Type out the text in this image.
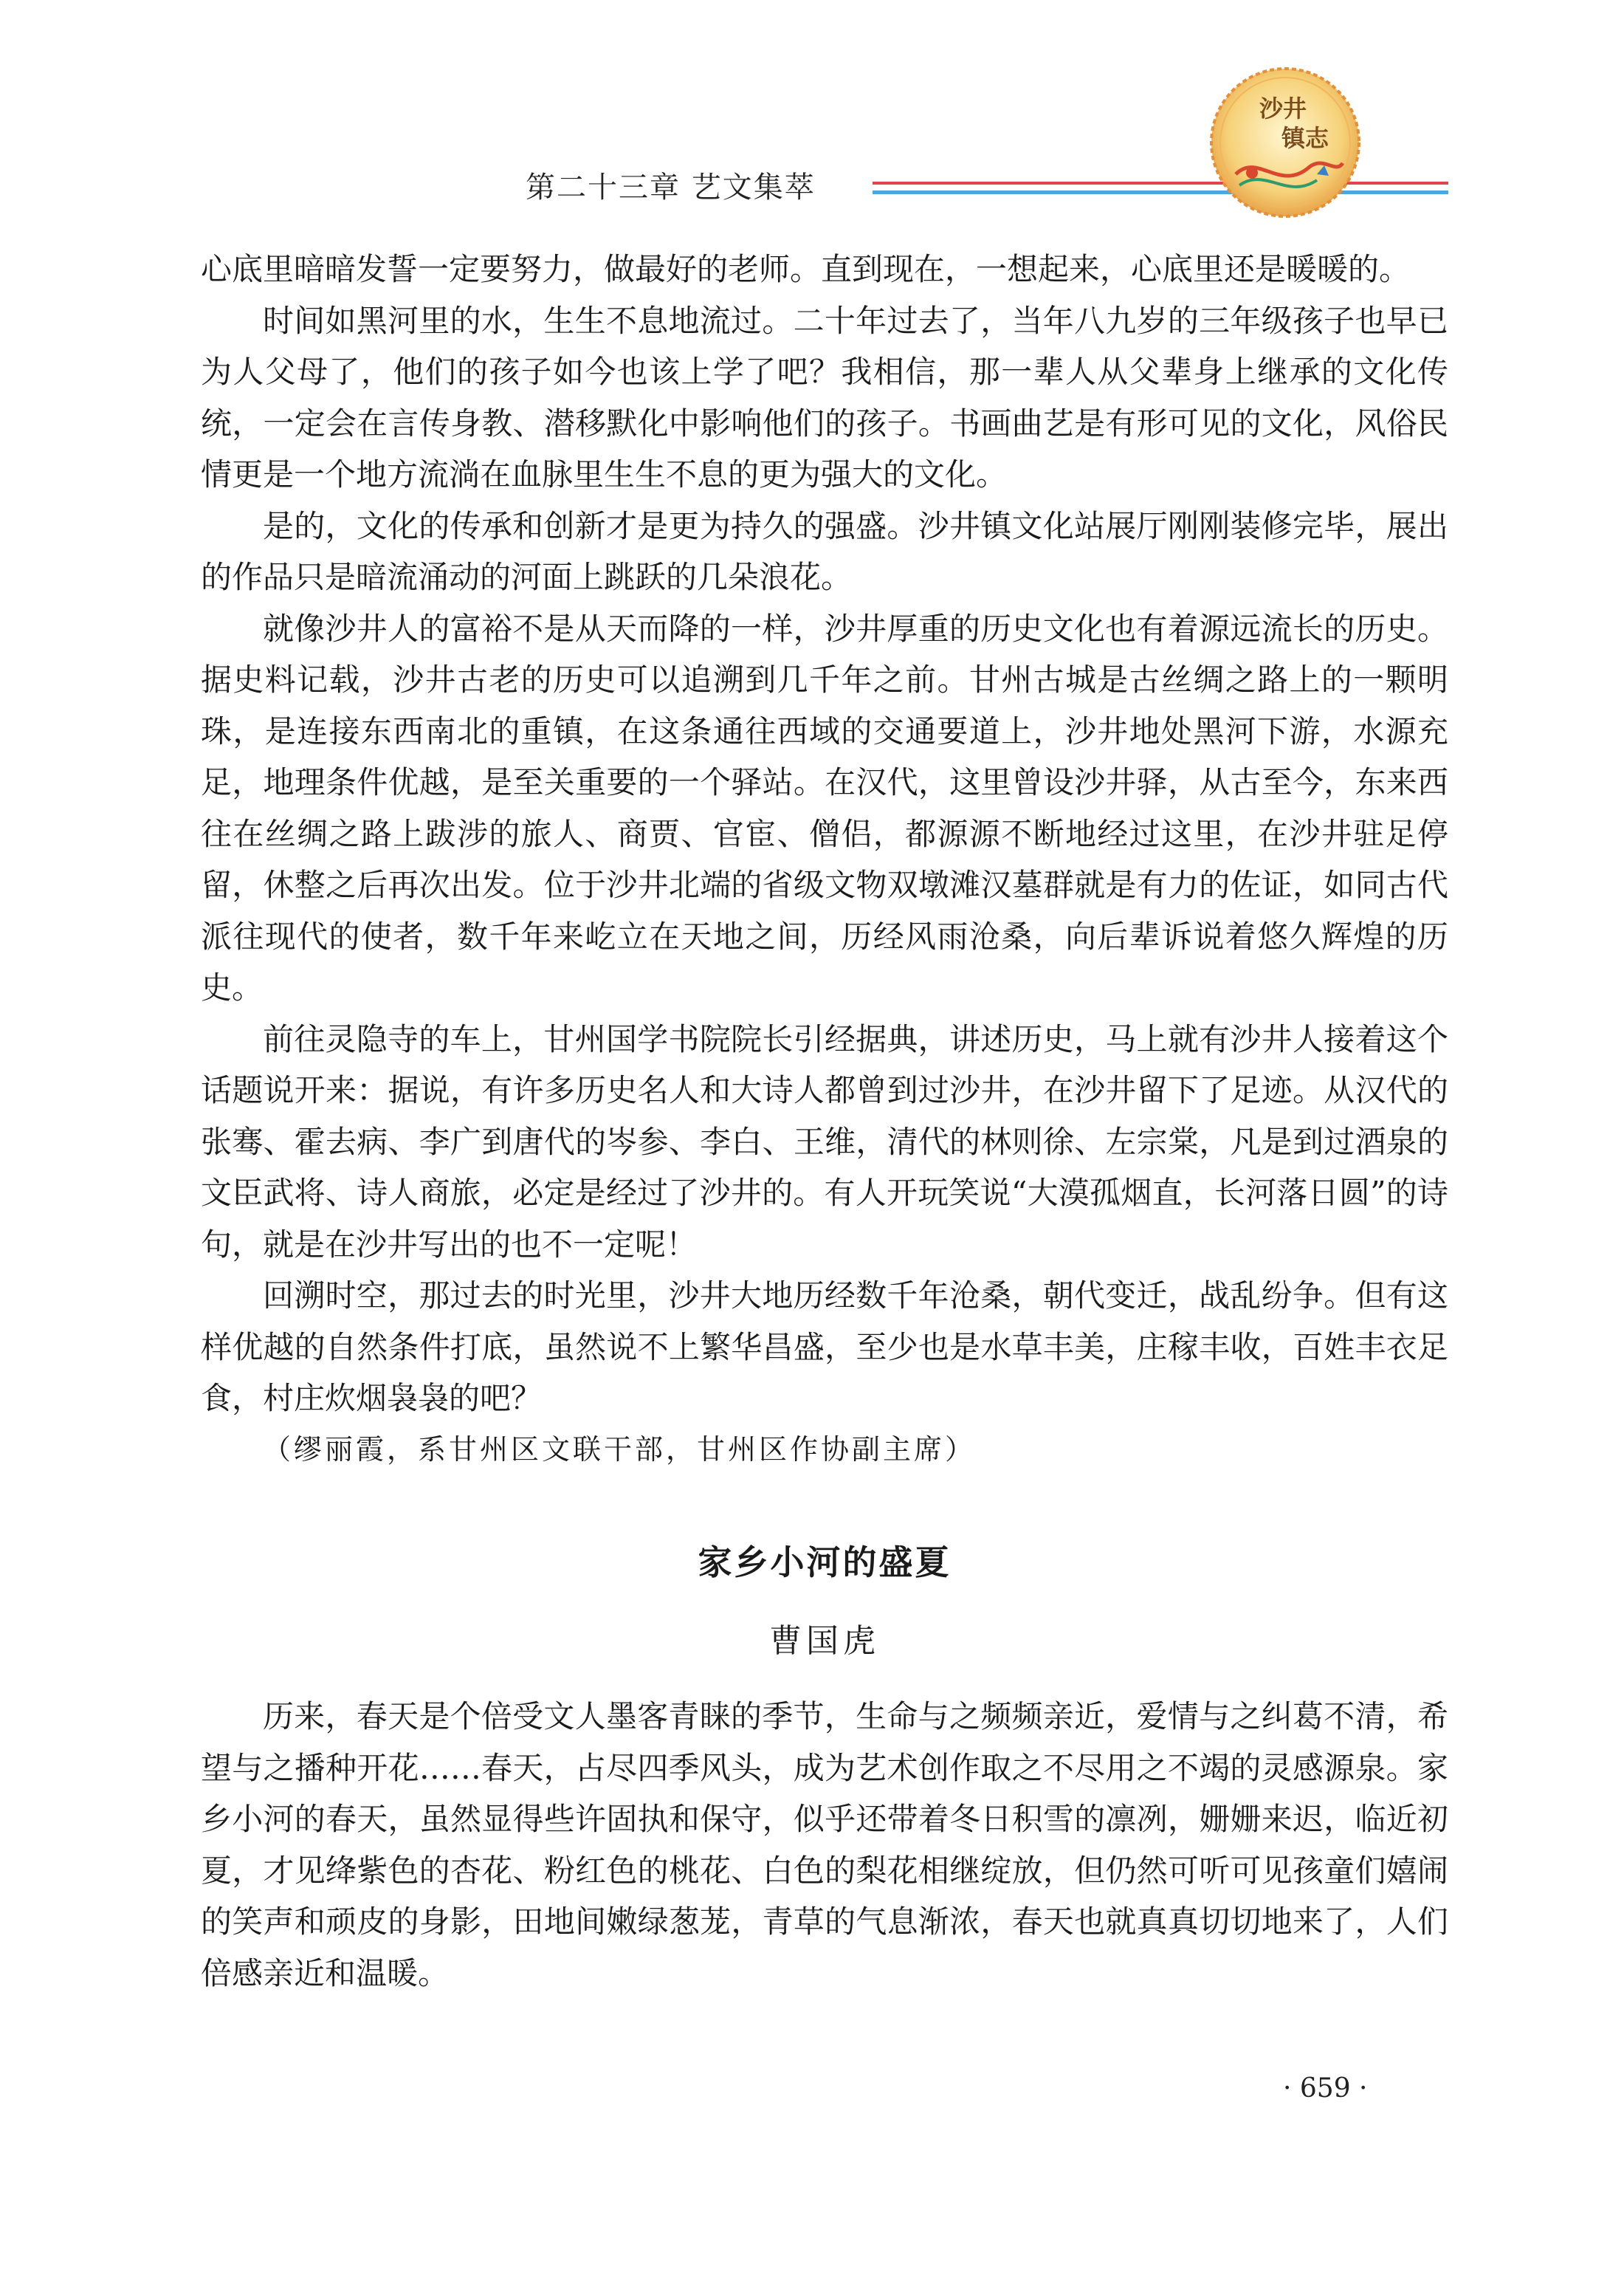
第二十三章 艺文集萃
沙井
镇志

心底里暗暗发誓一定要努力，做最好的老师。直到现在，一想起来，心底里还是暖暖的。

时间如黑河里的水，生生不息地流过。二十年过去了，当年八九岁的三年级孩子也早已为人父母了，他们的孩子如今也该上学了吧？我相信，那一辈人从父辈身上继承的文化传统，一定会在言传身教、潜移默化中影响他们的孩子。书画曲艺是有形可见的文化，风俗民情更是一个地方流淌在血脉里生生不息的更为强大的文化。

是的，文化的传承和创新才是更为持久的强盛。沙井镇文化站展厅刚刚装修完毕，展出的作品只是暗流涌动的河面上跳跃的几朵浪花。

就像沙井人的富裕不是从天而降的一样，沙井厚重的历史文化也有着源远流长的历史。据史料记载，沙井古老的历史可以追溯到几千年之前。甘州古城是古丝绸之路上的一颗明珠，是连接东西南北的重镇，在这条通往西域的交通要道上，沙井地处黑河下游，水源充足，地理条件优越，是至关重要的一个驿站。在汉代，这里曾设沙井驿，从古至今，东来西往在丝绸之路上跋涉的旅人、商贾、官宦、僧侣，都源源不断地经过这里，在沙井驻足停留，休整之后再次出发。位于沙井北端的省级文物双墩滩汉墓群就是有力的佐证，如同古代派往现代的使者，数千年来屹立在天地之间，历经风雨沧桑，向后辈诉说着悠久辉煌的历史。

前往灵隐寺的车上，甘州国学书院院长引经据典，讲述历史，马上就有沙井人接着这个话题说开来：据说，有许多历史名人和大诗人都曾到过沙井，在沙井留下了足迹。从汉代的张骞、霍去病、李广到唐代的岑参、李白、王维，清代的林则徐、左宗棠，凡是到过酒泉的文臣武将、诗人商旅，必定是经过了沙井的。有人开玩笑说“大漠孤烟直，长河落日圆”的诗句，就是在沙井写出的也不一定呢！

回溯时空，那过去的时光里，沙井大地历经数千年沧桑，朝代变迁，战乱纷争。但有这样优越的自然条件打底，虽然说不上繁华昌盛，至少也是水草丰美，庄稼丰收，百姓丰衣足食，村庄炊烟袅袅的吧？

（缪丽霞，系甘州区文联干部，甘州区作协副主席）

家乡小河的盛夏
曹国虎

历来，春天是个倍受文人墨客青睐的季节，生命与之频频亲近，爱情与之纠葛不清，希望与之播种开花……春天，占尽四季风头，成为艺术创作取之不尽用之不竭的灵感源泉。家乡小河的春天，虽然显得些许固执和保守，似乎还带着冬日积雪的凛冽，姗姗来迟，临近初夏，才见绛紫色的杏花、粉红色的桃花、白色的梨花相继绽放，但仍然可听可见孩童们嬉闹的笑声和顽皮的身影，田地间嫩绿葱茏，青草的气息渐浓，春天也就真真切切地来了，人们倍感亲近和温暖。

· 659 ·
